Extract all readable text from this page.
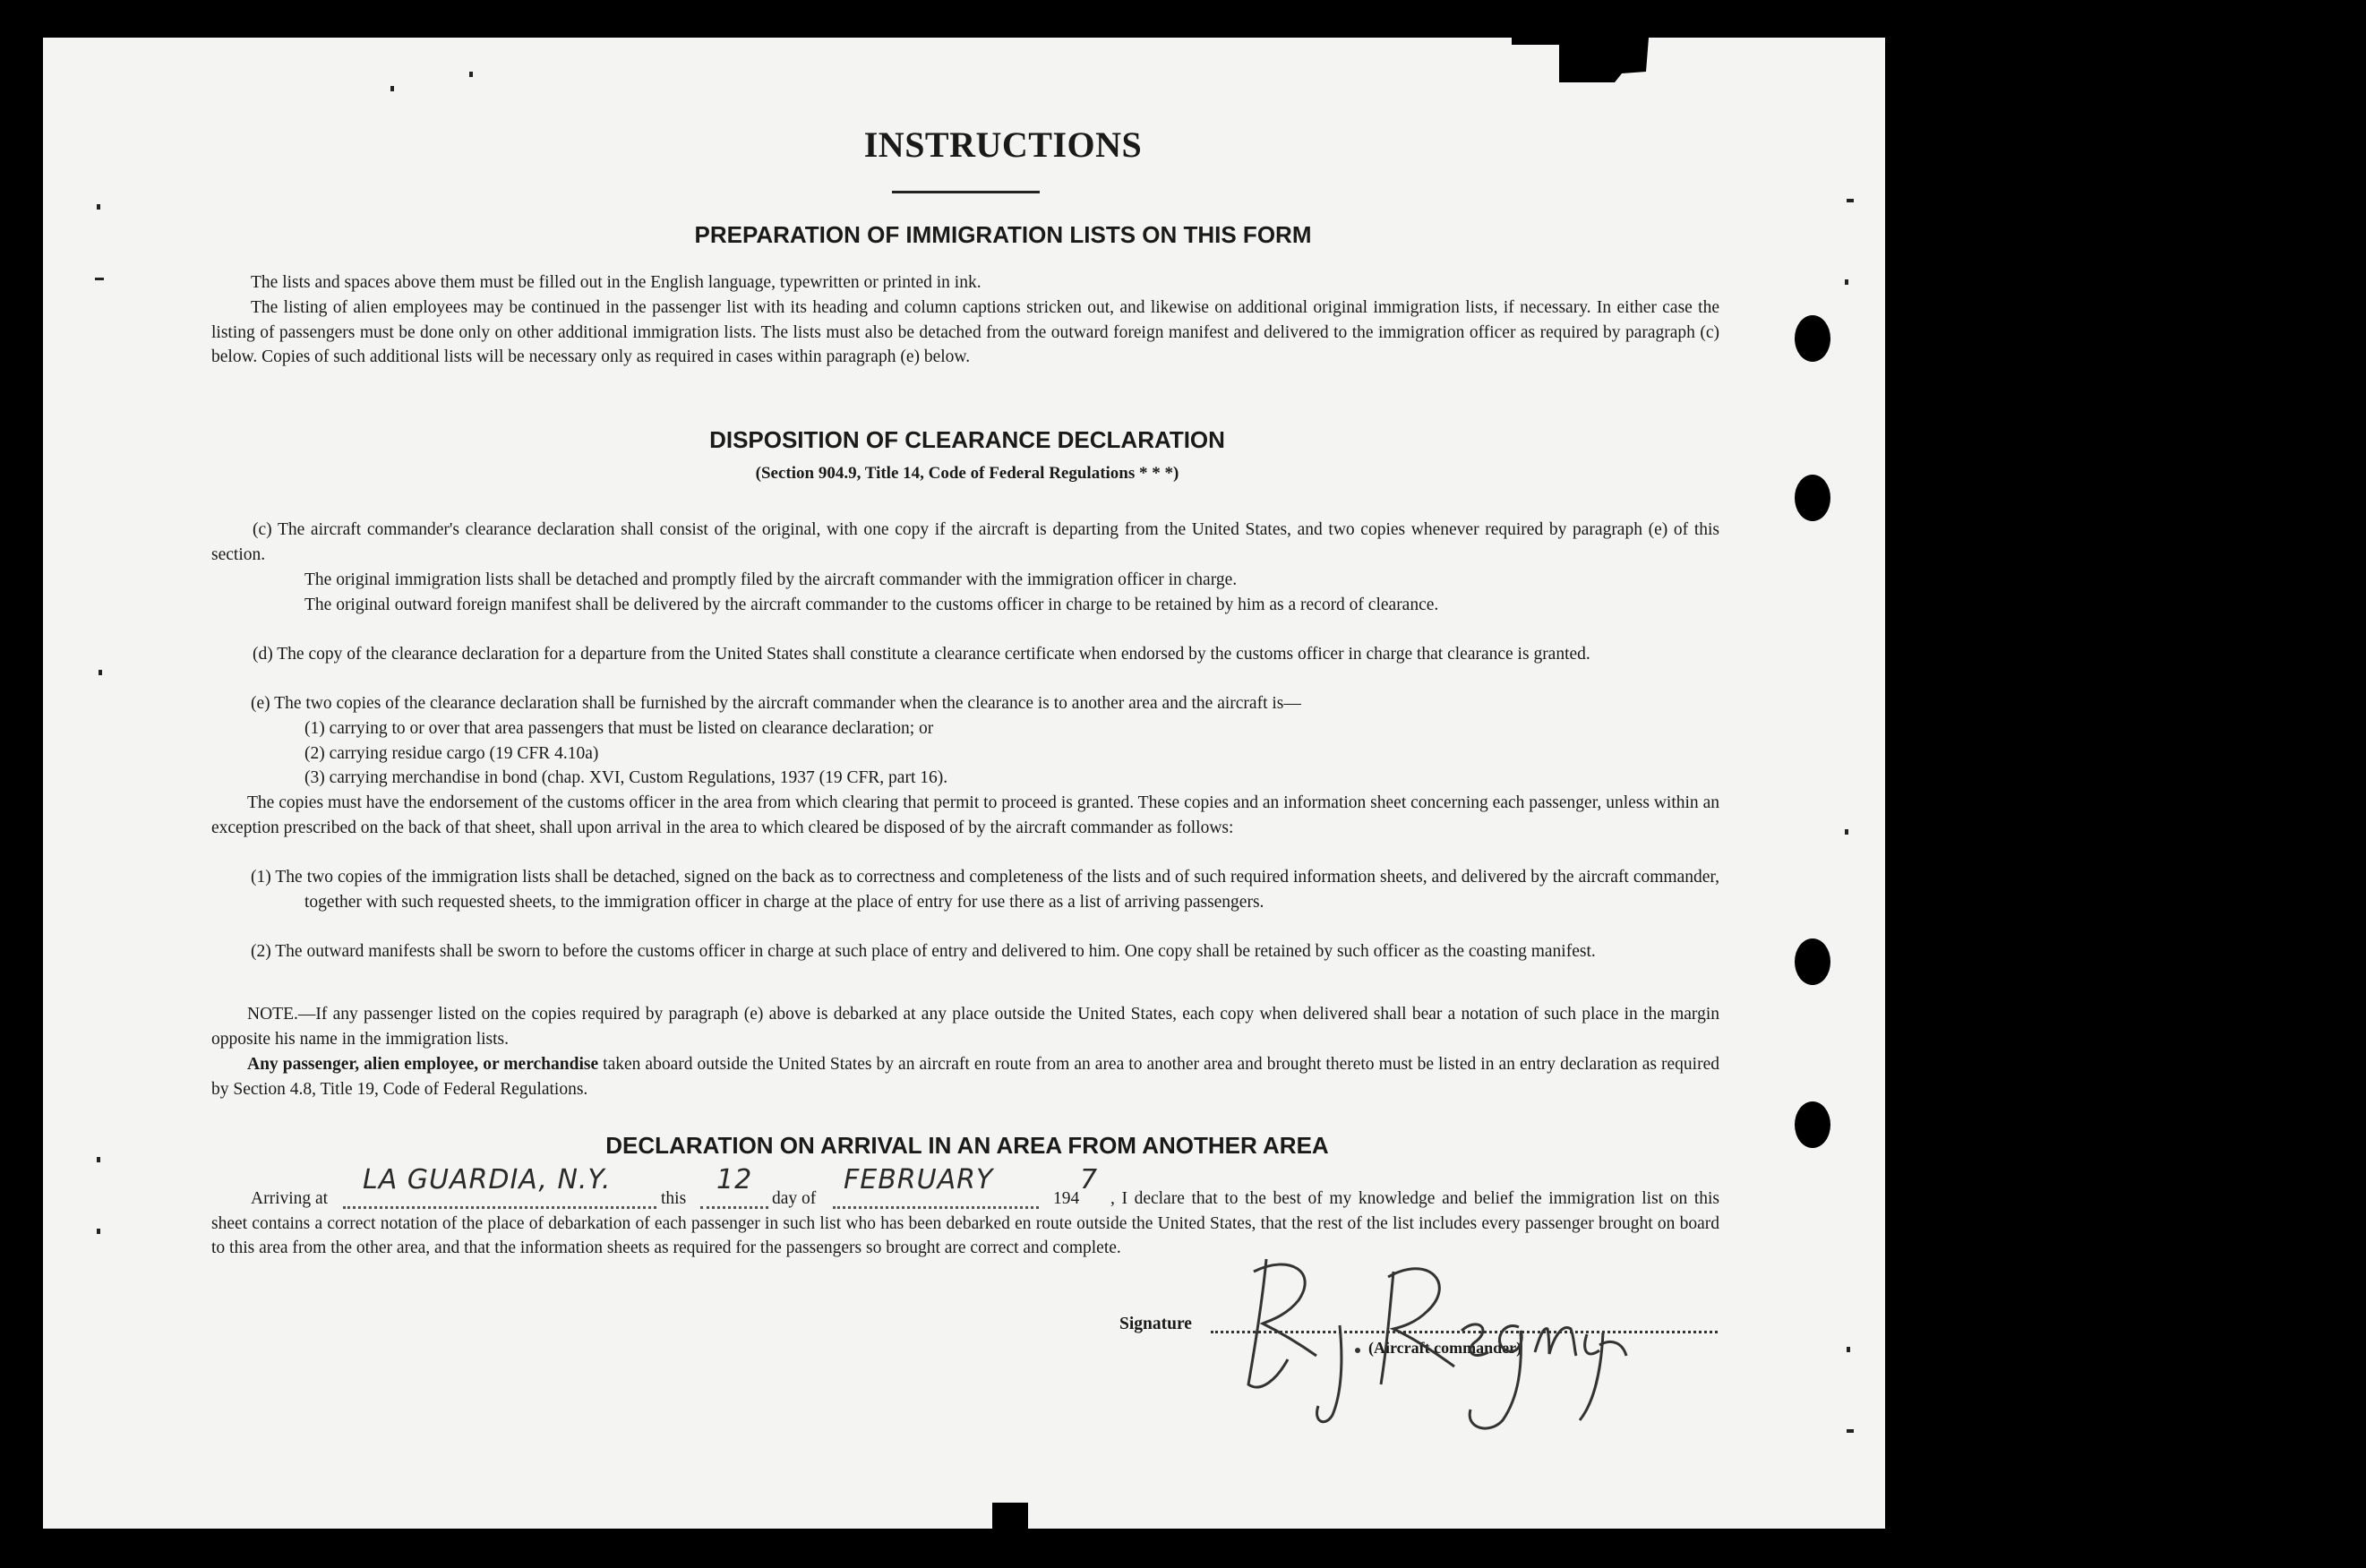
INSTRUCTIONS
PREPARATION OF IMMIGRATION LISTS ON THIS FORM
The lists and spaces above them must be filled out in the English language, typewritten or printed in ink.
The listing of alien employees may be continued in the passenger list with its heading and column captions stricken out, and likewise on additional original immigration lists, if necessary. In either case the listing of passengers must be done only on other additional immigration lists. The lists must also be detached from the outward foreign manifest and delivered to the immigration officer as required by paragraph (c) below. Copies of such additional lists will be necessary only as required in cases within paragraph (e) below.
DISPOSITION OF CLEARANCE DECLARATION
(Section 904.9, Title 14, Code of Federal Regulations * * *)
(c) The aircraft commander's clearance declaration shall consist of the original, with one copy if the aircraft is departing from the United States, and two copies whenever required by paragraph (e) of this section.
The original immigration lists shall be detached and promptly filed by the aircraft commander with the immigration officer in charge.
The original outward foreign manifest shall be delivered by the aircraft commander to the customs officer in charge to be retained by him as a record of clearance.
(d) The copy of the clearance declaration for a departure from the United States shall constitute a clearance certificate when endorsed by the customs officer in charge that clearance is granted.
(e) The two copies of the clearance declaration shall be furnished by the aircraft commander when the clearance is to another area and the aircraft is—
(1) carrying to or over that area passengers that must be listed on clearance declaration; or
(2) carrying residue cargo (19 CFR 4.10a)
(3) carrying merchandise in bond (chap. XVI, Custom Regulations, 1937 (19 CFR, part 16).
The copies must have the endorsement of the customs officer in the area from which clearing that permit to proceed is granted. These copies and an information sheet concerning each passenger, unless within an exception prescribed on the back of that sheet, shall upon arrival in the area to which cleared be disposed of by the aircraft commander as follows:
(1) The two copies of the immigration lists shall be detached, signed on the back as to correctness and completeness of the lists and of such required information sheets, and delivered by the aircraft commander, together with such requested sheets, to the immigration officer in charge at the place of entry for use there as a list of arriving passengers.
(2) The outward manifests shall be sworn to before the customs officer in charge at such place of entry and delivered to him. One copy shall be retained by such officer as the coasting manifest.
NOTE.—If any passenger listed on the copies required by paragraph (e) above is debarked at any place outside the United States, each copy when delivered shall bear a notation of such place in the margin opposite his name in the immigration lists.
Any passenger, alien employee, or merchandise taken aboard outside the United States by an aircraft en route from an area to another area and brought thereto must be listed in an entry declaration as required by Section 4.8, Title 19, Code of Federal Regulations.
DECLARATION ON ARRIVAL IN AN AREA FROM ANOTHER AREA
Arriving at
LA GUARDIA, N.Y.
this
12
day of
FEBRUARY
194
7
, I declare that to the best of my knowledge and belief the immigration list on this sheet contains a correct notation of the place of debarkation of each passenger in such list who has been debarked en route outside the United States, that the rest of the list includes every passenger brought on board to this area from the other area, and that the information sheets as required for the passengers so brought are correct and complete.
Signature
(Aircraft commander)
